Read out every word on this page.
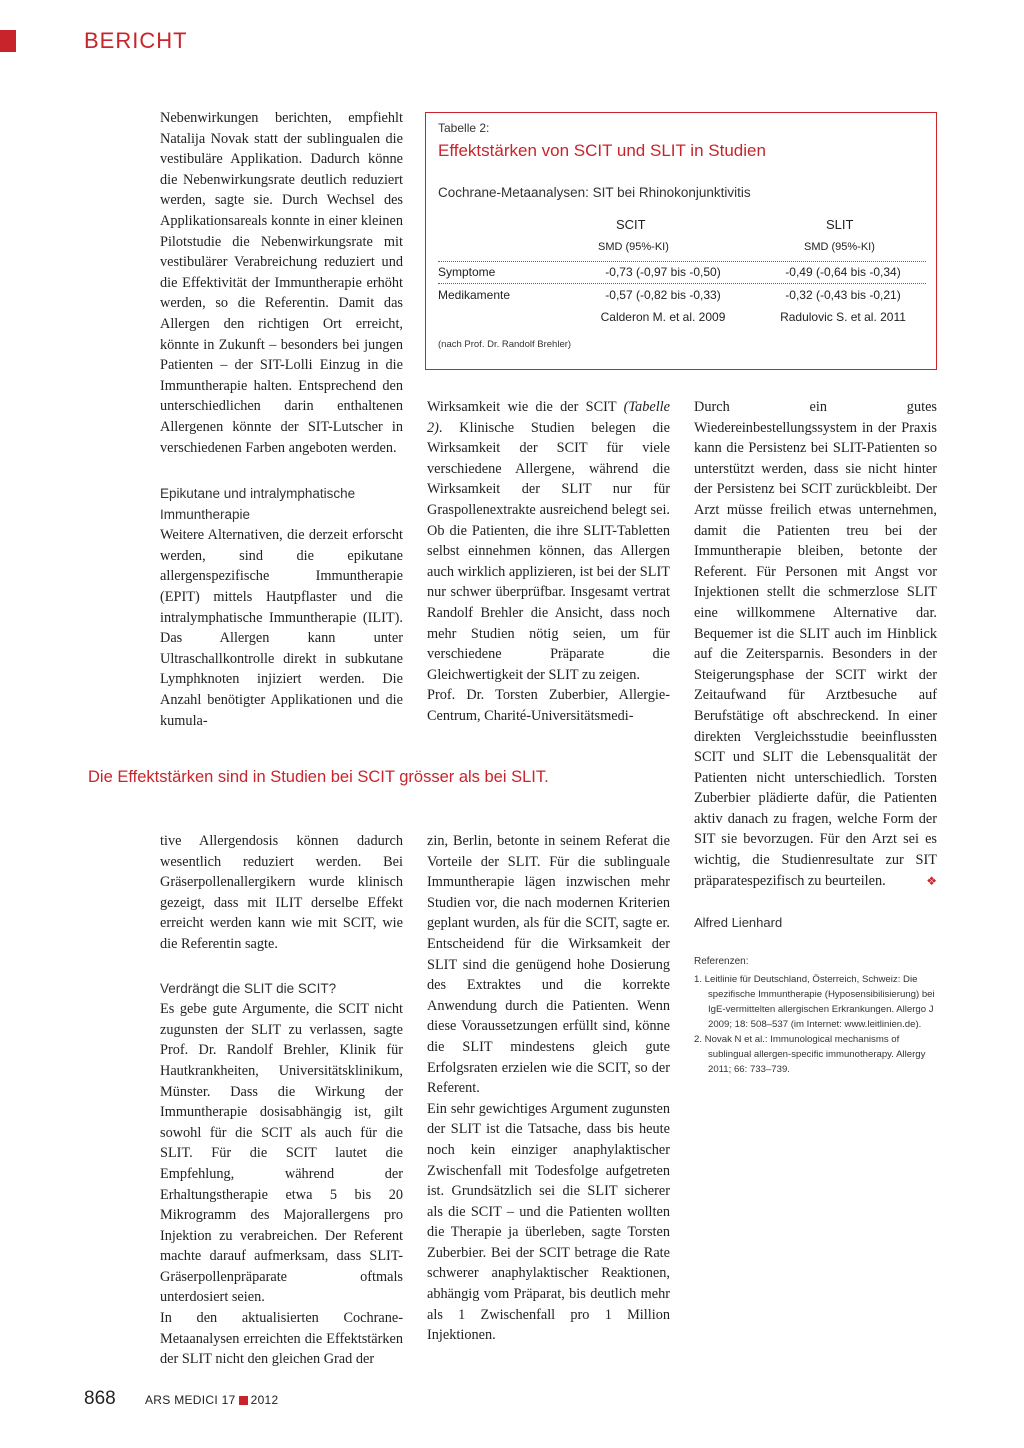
BERICHT

Nebenwirkungen berichten, empfiehlt Natalija Novak statt der sublingualen die vestibuläre Applikation. Dadurch könne die Nebenwirkungsrate deutlich reduziert werden, sagte sie. Durch Wechsel des Applikationsareals konnte in einer kleinen Pilotstudie die Nebenwirkungsrate mit vestibulärer Verabreichung reduziert und die Effektivität der Immuntherapie erhöht werden, so die Referentin. Damit das Allergen den richtigen Ort erreicht, könnte in Zukunft – besonders bei jungen Patienten – der SIT-Lolli Einzug in die Immuntherapie halten. Entsprechend den unterschiedlichen darin enthaltenen Allergenen könnte der SIT-Lutscher in verschiedenen Farben angeboten werden.

Epikutane und intralymphatische Immuntherapie

Weitere Alternativen, die derzeit erforscht werden, sind die epikutane allergenspezifische Immuntherapie (EPIT) mittels Hautpflaster und die intralymphatische Immuntherapie (ILIT). Das Allergen kann unter Ultraschallkontrolle direkt in subkutane Lymphknoten injiziert werden. Die Anzahl benötigter Applikationen und die kumula-

Die Effektstärken sind in Studien bei SCIT grösser als bei SLIT.

tive Allergendosis können dadurch wesentlich reduziert werden. Bei Gräserpollenallergikern wurde klinisch gezeigt, dass mit ILIT derselbe Effekt erreicht werden kann wie mit SCIT, wie die Referentin sagte.

Verdrängt die SLIT die SCIT?

Es gebe gute Argumente, die SCIT nicht zugunsten der SLIT zu verlassen, sagte Prof. Dr. Randolf Brehler, Klinik für Hautkrankheiten, Universitätsklinikum, Münster. Dass die Wirkung der Immuntherapie dosisabhängig ist, gilt sowohl für die SCIT als auch für die SLIT. Für die SCIT lautet die Empfehlung, während der Erhaltungstherapie etwa 5 bis 20 Mikrogramm des Majorallergens pro Injektion zu verabreichen. Der Referent machte darauf aufmerksam, dass SLIT-Gräserpollenpräparate oftmals unterdosiert seien.

In den aktualisierten Cochrane-Metaanalysen erreichten die Effektstärken der SLIT nicht den gleichen Grad der

Tabelle 2:
Effektstärken von SCIT und SLIT in Studien
Cochrane-Metaanalysen: SIT bei Rhinokonjunktivitis
SCIT	SLIT
SMD (95%-KI)	SMD (95%-KI)
Symptome	-0,73 (-0,97 bis -0,50)	-0,49 (-0,64 bis -0,34)
Medikamente	-0,57 (-0,82 bis -0,33)	-0,32 (-0,43 bis -0,21)
Calderon M. et al. 2009	Radulovic S. et al. 2011
(nach Prof. Dr. Randolf Brehler)

Wirksamkeit wie die der SCIT (Tabelle 2). Klinische Studien belegen die Wirksamkeit der SCIT für viele verschiedene Allergene, während die Wirksamkeit der SLIT nur für Graspollenextrakte ausreichend belegt sei. Ob die Patienten, die ihre SLIT-Tabletten selbst einnehmen können, das Allergen auch wirklich applizieren, ist bei der SLIT nur schwer überprüfbar. Insgesamt vertrat Randolf Brehler die Ansicht, dass noch mehr Studien nötig seien, um für verschiedene Präparate die Gleichwertigkeit der SLIT zu zeigen.

Prof. Dr. Torsten Zuberbier, Allergie-Centrum, Charité-Universitätsmedi-

zin, Berlin, betonte in seinem Referat die Vorteile der SLIT. Für die sublinguale Immuntherapie lägen inzwischen mehr Studien vor, die nach modernen Kriterien geplant wurden, als für die SCIT, sagte er. Entscheidend für die Wirksamkeit der SLIT sind die genügend hohe Dosierung des Extraktes und die korrekte Anwendung durch die Patienten. Wenn diese Voraussetzungen erfüllt sind, könne die SLIT mindestens gleich gute Erfolgsraten erzielen wie die SCIT, so der Referent.

Ein sehr gewichtiges Argument zugunsten der SLIT ist die Tatsache, dass bis heute noch kein einziger anaphylaktischer Zwischenfall mit Todesfolge aufgetreten ist. Grundsätzlich sei die SLIT sicherer als die SCIT – und die Patienten wollten die Therapie ja überleben, sagte Torsten Zuberbier. Bei der SCIT betrage die Rate schwerer anaphylaktischer Reaktionen, abhängig vom Präparat, bis deutlich mehr als 1 Zwischenfall pro 1 Million Injektionen.

Durch ein gutes Wiedereinbestellungssystem in der Praxis kann die Persistenz bei SLIT-Patienten so unterstützt werden, dass sie nicht hinter der Persistenz bei SCIT zurückbleibt. Der Arzt müsse freilich etwas unternehmen, damit die Patienten treu bei der Immuntherapie bleiben, betonte der Referent. Für Personen mit Angst vor Injektionen stellt die schmerzlose SLIT eine willkommene Alternative dar. Bequemer ist die SLIT auch im Hinblick auf die Zeitersparnis. Besonders in der Steigerungsphase der SCIT wirkt der Zeitaufwand für Arztbesuche auf Berufstätige oft abschreckend. In einer direkten Vergleichsstudie beeinflussten SCIT und SLIT die Lebensqualität der Patienten nicht unterschiedlich. Torsten Zuberbier plädierte dafür, die Patienten aktiv danach zu fragen, welche Form der SIT sie bevorzugen. Für den Arzt sei es wichtig, die Studienresultate zur SIT präparatespezifisch zu beurteilen.	❖

Alfred Lienhard

Referenzen:

1. Leitlinie für Deutschland, Österreich, Schweiz: Die spezifische Immuntherapie (Hyposensibilisierung) bei IgE-vermittelten allergischen Erkrankungen. Allergo J 2009; 18: 508–537 (im Internet: www.leitlinien.de).

2. Novak N et al.: Immunological mechanisms of sublingual allergen-specific immunotherapy. Allergy 2011; 66: 733–739.

868 ARS MEDICI 17 2012
